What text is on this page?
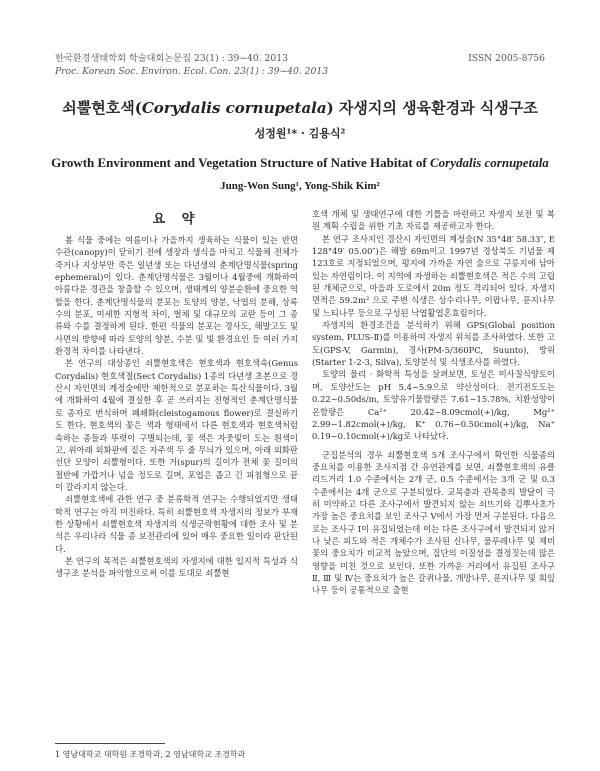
한국환경생태학회 학술대회논문집 23(1) : 39~40. 2013
Proc. Korean Soc. Environ. Ecol. Con. 23(1) : 39~40. 2013
ISSN 2005-8756
쇠뿔현호색(Corydalis cornupetala) 자생지의 생육환경과 식생구조
성정원¹* · 김용식²
Growth Environment and Vegetation Structure of Native Habitat of Corydalis cornupetala
Jung-Won Sung¹, Yong-Shik Kim²
요 약

봄 식물 중에는 여름이나 가을까지 생육하는 식물이 있는 반면 수관(canopy)이 닫히기 전에 생장과 생식을 마치고 식물체 전체가 죽거나 지상부만 죽은 일년생 또는 다년생의 춘계단명식물(spring ephemeral)이 있다. 춘계단명식물은 3월이나 4월중에 개화하여 아름다운 경관을 창출할 수 있으며, 생태계의 양분순환에 중요한 역할을 한다. 춘계단명식물의 분포는 토양의 양분, 낙엽의 분해, 상록수의 분포, 미세한 지형적 차이, 벌채 및 대규모의 교란 등이 그 종류와 수를 결정하게 된다. 한편 식물의 분포는 경사도, 해발고도 및 사면의 방향에 따라 토양의 양분, 수분 및 빛 환경요인 등 여러 가지 환경적 차이를 나타낸다.

본 연구의 대상종인 쇠뿔현호색은 현호색과 현호색속(Genus Corydalis) 현호색절(Sect Corydalis) 1종의 다년생 초본으로 경산시 자인면의 계정숲에만 제한적으로 분포하는 특산식물이다. 3월에 개화하여 4월에 결실한 후 곧 쓰러지는 전형적인 춘계단명식물로 종자로 번식하며 폐쇄화(cleistogamous flower)로 결실하기도 한다. 현호색의 꽃은 색과 형태에서 다른 현호색과 현호색처럼 속하는 종들과 뚜렷이 구별되는데, 꽃 색은 자줏빛이 도는 흰색이고, 위아래 외화판에 짙은 자주색 두 줄 무늬가 있으며, 아래 외화판 선단 모양이 쇠뿔형이다. 또한 거(spur)의 길이가 전체 꽃 길이의 절반에 가깝거나 넘을 정도로 길며, 포엽은 좁고 긴 피침형으로 끝이 갈라지지 않는다.

쇠뿔현호색에 관한 연구 중 분류학적 연구는 수행되었지만 생태학적 연구는 아직 미진하다. 특히 쇠뿔현호색 자생지의 정보가 부재한 상황에서 쇠뿔현호색 자생지의 식생군락현황에 대한 조사 및 분석은 우리나라 식물 종 보전관리에 있어 매우 중요한 일이라 판단된다.

본 연구의 목적은 쇠뿔현호색의 자생지에 대한 입지적 특성과 식생구조 분석을 파악함으로써 이를 토대로 쇠뿔현

호색 개체 및 생태연구에 대한 기틀을 마련하고 자생지 보전 및 복원 계획 수립을 위한 기초 자료를 제공하고자 한다.

본 연구 조사지인 경산시 자인면의 계정숲(N 35°48′ 58.33″, E 128°49′ 05.00″)은 해발 69m이고 1997년 경상북도 기념물 제123호로 지정되었으며, 평지에 가까운 자연 숲으로 구릉지에 남아 있는 자연림이다. 이 지역에 자생하는 쇠뿔현호색은 적은 수의 고립된 개체군으로, 마을과 도로에서 20m 정도 격리되어 있다. 자생지 면적은 59.2m² 으로 주변 식생은 상수리나무, 이팝나무, 푼지나무 및 느티나무 등으로 구성된 낙엽활엽혼효림이다.

자생지의 환경조건을 분석하기 위해 GPS(Global position system, PLUS-Ⅱ)를 이용하여 자생지 위치를 조사하였다. 또한 고도(GPS-V, Garmin), 경사(PM-5/360PC, Suunto), 방위(Starter 1-2-3, Silva), 토양분석 및 식생조사를 하였다.

토양의 물리 · 화학적 특성을 살펴보면, 토성은 미사질식양토이며, 토양산도는 pH 5.4~5.9으로 약산성이다. 전기전도도는 0.22~0.50ds/m, 토양유기물함량은 7.61~15.78%, 치환성양이온함량은 Ca²⁺ 20.42~8.09cmol(+)/kg, Mg²⁺ 2.99~1.82cmol(+)/kg, K⁺ 0.76~0.50cmol(+)/kg, Na⁺ 0.19~0.10cmol(+)/kg로 나타났다.

군집분석의 경우 쇠뿔현호색 5개 조사구에서 확인한 식물종의 중요치를 이용한 조사지점 간 유연관계를 보면, 쇠뿔현호색의 유클리드거리 1.0 수준에서는 2개 군, 0.5 수준에서는 3개 군 및 0.3 수준에서는 4개 군으로 구분되었다. 교목층과 관목층의 발달이 극히 미약하고 다른 조사구에서 발견되지 않는 쇠뜨기와 김뿌사초가 가장 높은 중요치를 보인 조사구 V에서 가장 먼저 구분된다. 다음으로는 조사구 Ⅰ이 유집되었는데 이는 다른 조사구에서 발견되지 않거나 낮은 피도와 적은 개체수가 조사된 신나무, 물푸레나무 및 제비꽃의 중요치가 비교적 높았으며, 집단의 이질성을 결정짓는데 많은 영향을 미친 것으로 보인다. 또한 가까운 거리에서 유집된 조사구 Ⅱ, Ⅲ 및 Ⅳ는 중요치가 높은 갈퀴나물, 개망나무, 푼지나무 및 회잎나무 등이 공통적으로 출현

1 영남대학교 대학원 조경학과, 2 영남대학교 조경학과
